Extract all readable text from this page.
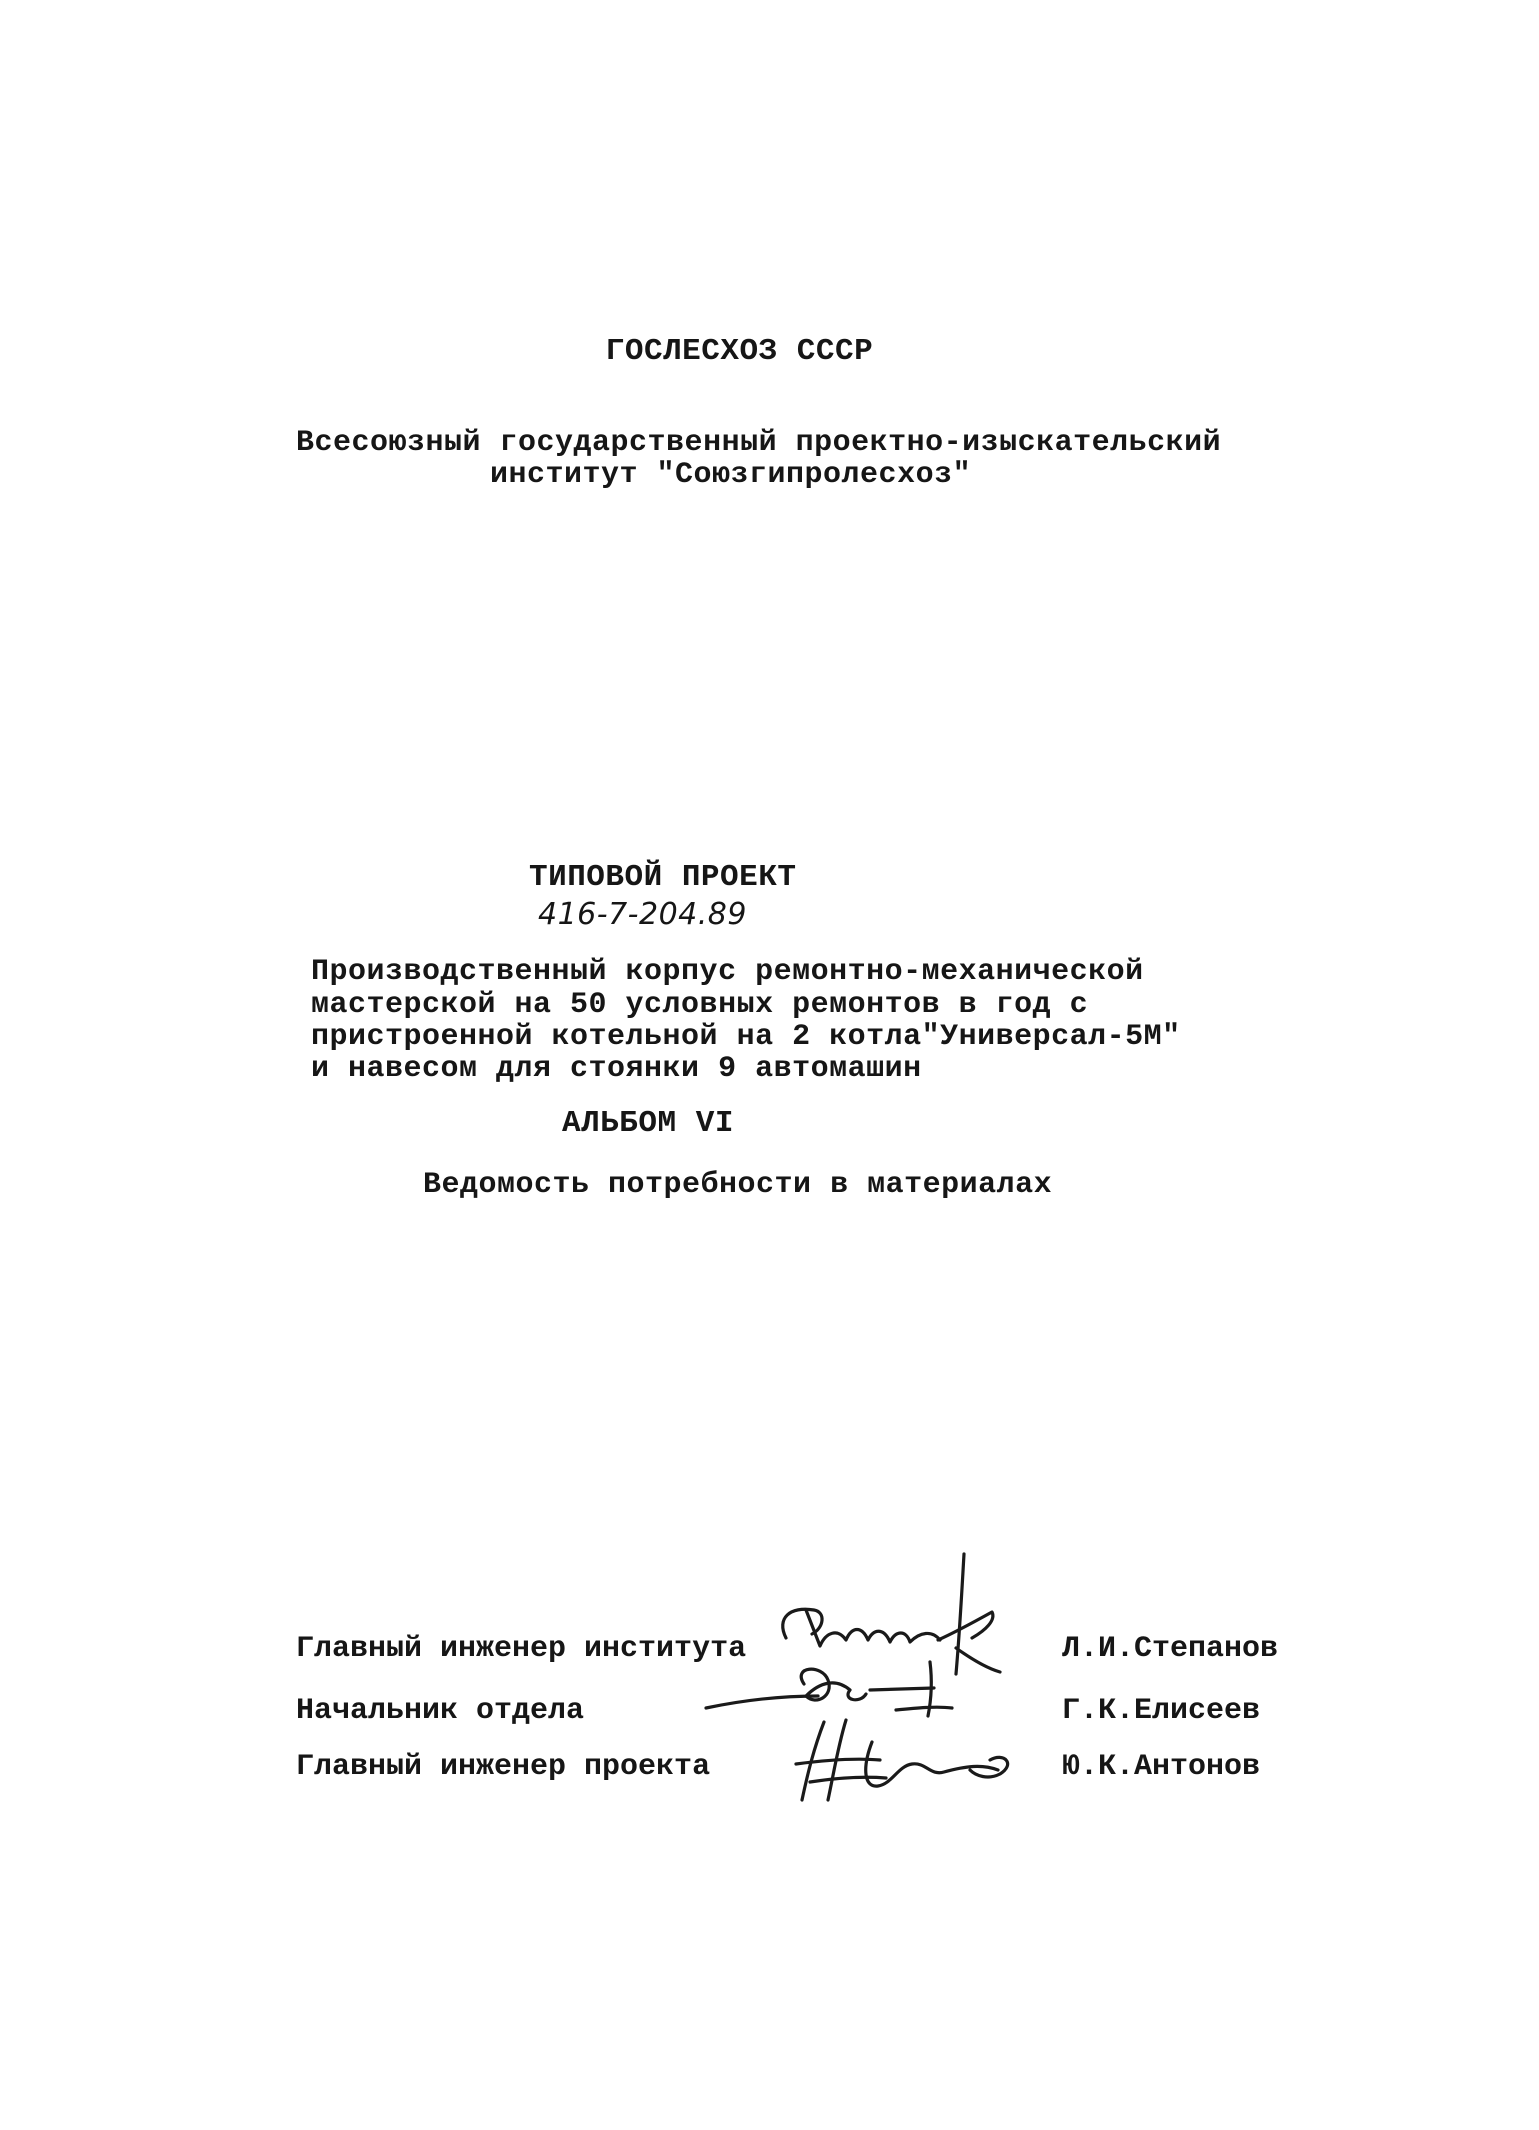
ГОСЛЕСХОЗ СССР
Всесоюзный государственный проектно-изыскательский
институт "Союзгипролесхоз"
ТИПОВОЙ ПРОЕКТ
416-7-204.89
Производственный корпус ремонтно-механической
мастерской на 50 условных ремонтов в год с
пристроенной котельной на 2 котла"Универсал-5М"
и навесом для стоянки 9 автомашин
АЛЬБОМ VI
Ведомость потребности в материалах
Главный инженер института
Начальник отдела
Главный инженер проекта
Л.И.Степанов
Г.К.Елисеев
Ю.К.Антонов
